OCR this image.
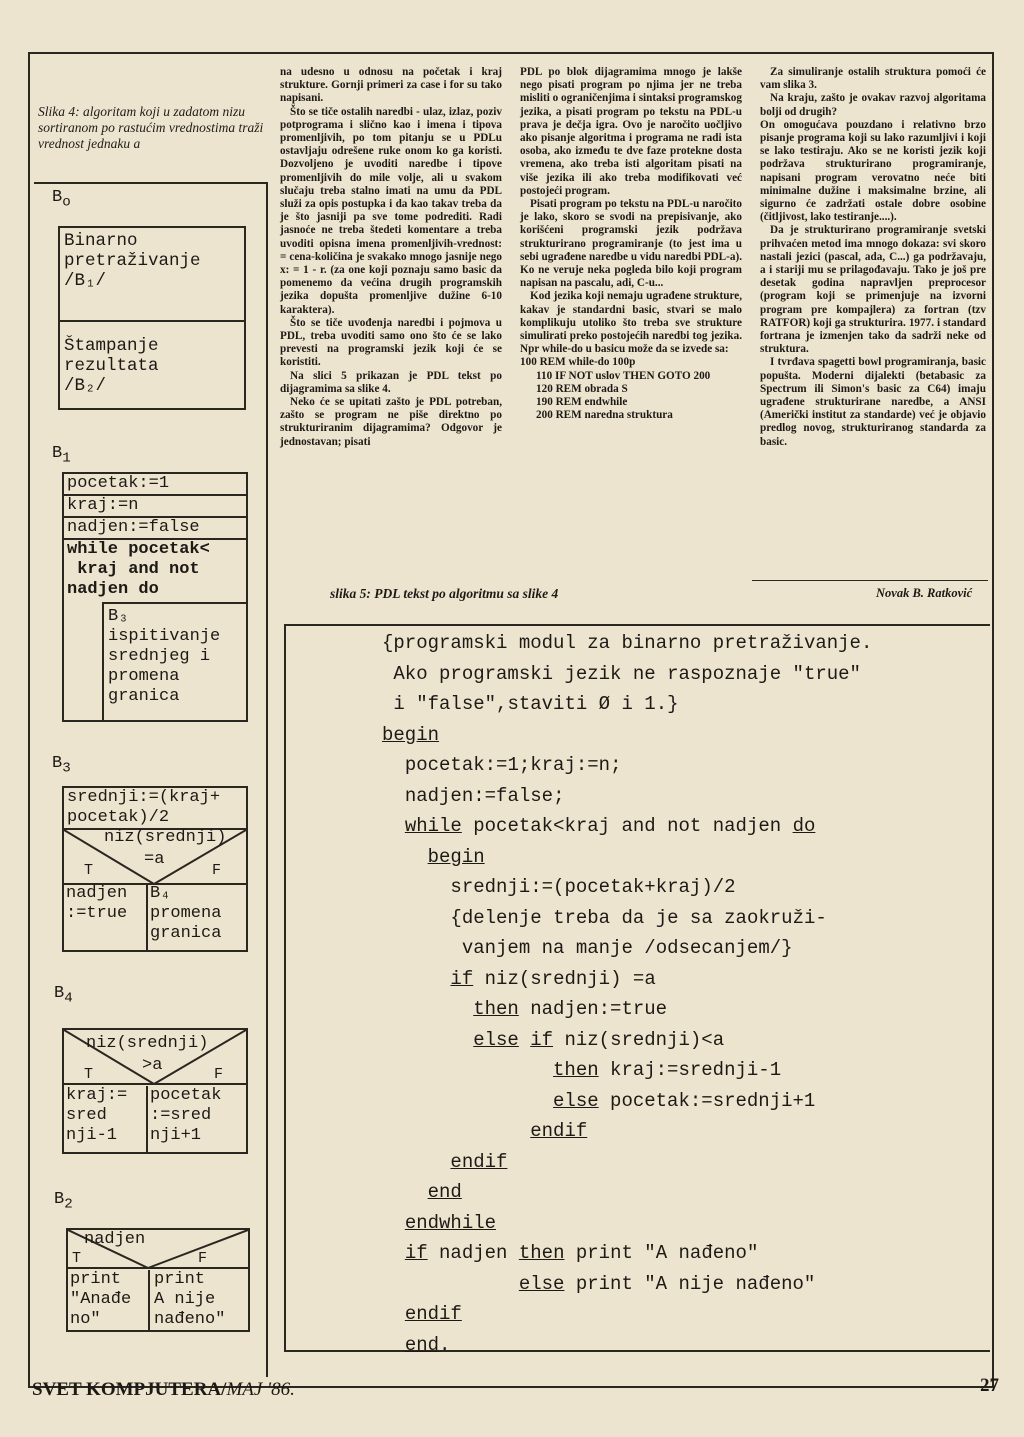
Slika 4: algoritam koji u zadatom nizu sortiranom po rastućim vrednostima traži vrednost jednaku a
$B_o$
Binarno
pretraživanje
/B₁/
Štampanje
rezultata
/B₂/
$B_1$
pocetak:=1
kraj:=n
nadjen:=false
while pocetak<
kraj and not
nadjen do
B₃
ispitivanje
srednjeg i
promena
granica
$B_3$
srednji:=(kraj+
pocetak)/2
niz(srednji)
=a
T	F
nadjen
:=true
B₄
promena
granica
$B_4$
niz(srednji)
>a
T	F
kraj:=
sred
nji-1
pocetak
:=sred
nji+1
$B_2$
nadjen
T	F
print
"Anađe
no"
print
A nije
nađeno"

na udesno u odnosu na početak i kraj strukture. Gornji primeri za case i for su tako napisani.

Što se tiče ostalih naredbi - ulaz, izlaz, poziv potprograma i slično kao i imena i tipova promenljivih, po tom pitanju se u PDLu ostavljaju odrešene ruke onom ko ga koristi. Dozvoljeno je uvoditi naredbe i tipove promenljivih do mile volje, ali u svakom slučaju treba stalno imati na umu da PDL služi za opis postupka i da kao takav treba da je što jasniji pa sve tome podrediti. Radi jasnoće ne treba štedeti komentare a treba uvoditi opisna imena promenljivih-vrednost: = cena-količina je svakako mnogo jasnije nego x: = 1 - r. (za one koji poznaju samo basic da pomenemo da većina drugih programskih jezika dopušta promenljive dužine 6-10 karaktera).

Što se tiče uvođenja naredbi i pojmova u PDL, treba uvoditi samo ono što će se lako prevesti na programski jezik koji će se koristiti.

Na slici 5 prikazan je PDL tekst po dijagramima sa slike 4.

Neko će se upitati zašto je PDL potreban, zašto se program ne piše direktno po strukturiranim dijagramima? Odgovor je jednostavan; pisati

PDL po blok dijagramima mnogo je lakše nego pisati program po njima jer ne treba misliti o ograničenjima i sintaksi programskog jezika, a pisati program po tekstu na PDL-u prava je dečja igra. Ovo je naročito uočljivo ako pisanje algoritma i programa ne radi ista osoba, ako između te dve faze protekne dosta vremena, ako treba isti algoritam pisati na više jezika ili ako treba modifikovati već postojeći program.

Pisati program po tekstu na PDL-u naročito je lako, skoro se svodi na prepisivanje, ako korišćeni programski jezik podržava strukturirano programiranje (to jest ima u sebi ugrađene naredbe u vidu naredbi PDL-a). Ko ne veruje neka pogleda bilo koji program napisan na pascalu, adi, C-u...

Kod jezika koji nemaju ugrađene strukture, kakav je standardni basic, stvari se malo komplikuju utoliko što treba sve strukture simulirati preko postojećih naredbi tog jezika. Npr while-do u basicu može da se izvede sa:

100 REM while-do 100p

110 IF NOT uslov THEN GOTO 200

120 REM obrada S

190 REM endwhile

200 REM naredna struktura

Za simuliranje ostalih struktura pomoći će vam slika 3.

Na kraju, zašto je ovakav razvoj algoritama bolji od drugih?

On omogućava pouzdano i relativno brzo pisanje programa koji su lako razumljivi i koji se lako testiraju. Ako se ne koristi jezik koji podržava strukturirano programiranje, napisani program verovatno neće biti minimalne dužine i maksimalne brzine, ali sigurno će zadržati ostale dobre osobine (čitljivost, lako testiranje....).

Da je strukturirano programiranje svetski prihvaćen metod ima mnogo dokaza: svi skoro nastali jezici (pascal, ada, C...) ga podržavaju, a i stariji mu se prilagođavaju. Tako je još pre desetak godina napravljen preprocesor (program koji se primenjuje na izvorni program pre kompajlera) za fortran (tzv RATFOR) koji ga strukturira. 1977. i standard fortrana je izmenjen tako da sadrži neke od struktura.

I tvrđava spagetti bowl programiranja, basic popušta. Moderni dijalekti (betabasic za Spectrum ili Simon's basic za C64) imaju ugrađene strukturirane naredbe, a ANSI (Američki institut za standarde) već je objavio predlog novog, strukturiranog standarda za basic.

slika 5: PDL tekst po algoritmu sa slike 4	Novak B. Ratković
{programski modul za binarno pretraživanje.
Ako programski jezik ne raspoznaje "true"
i "false",staviti Ø i 1.}
begin
pocetak:=1;kraj:=n;
nadjen:=false;
while pocetak<kraj and not nadjen do
begin
srednji:=(pocetak+kraj)/2
{delenje treba da je sa zaokruži-
vanjem na manje /odsecanjem/}
if niz(srednji) =a
then nadjen:=true
else if niz(srednji)<a
then kraj:=srednji-1
else pocetak:=srednji+1
endif
endif
end
endwhile
if nadjen then print "A nađeno"
else print "A nije nađeno"
endif
end.
SVET KOMPJUTERA/MAJ '86.	27
